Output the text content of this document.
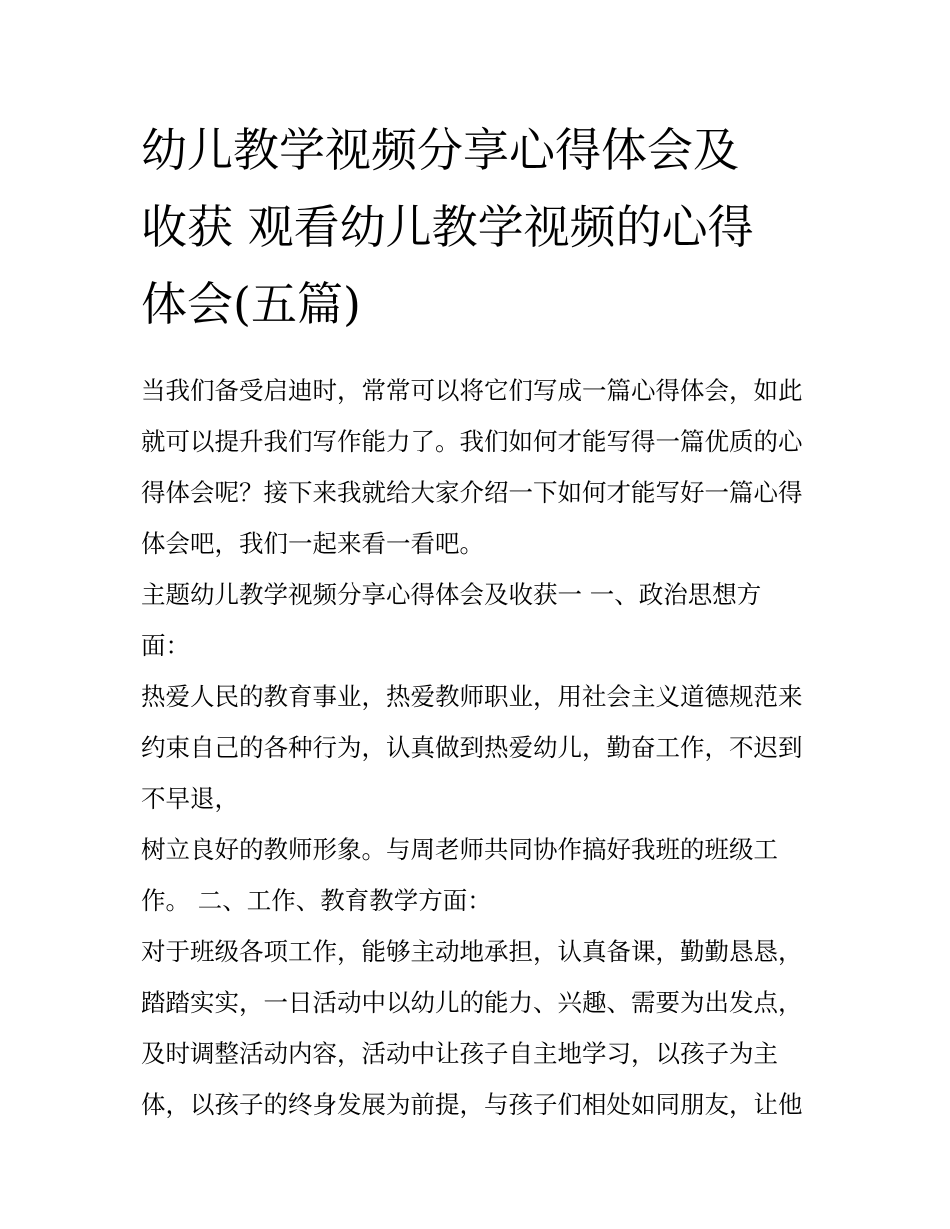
幼儿教学视频分享心得体会及
收获 观看幼儿教学视频的心得
体会(五篇)

当我们备受启迪时，常常可以将它们写成一篇心得体会，如此
就可以提升我们写作能力了。我们如何才能写得一篇优质的心
得体会呢？接下来我就给大家介绍一下如何才能写好一篇心得
体会吧，我们一起来看一看吧。

主题幼儿教学视频分享心得体会及收获一 一、政治思想方
面：

热爱人民的教育事业，热爱教师职业，用社会主义道德规范来
约束自己的各种行为，认真做到热爱幼儿，勤奋工作，不迟到
不早退，

树立良好的教师形象。与周老师共同协作搞好我班的班级工
作。 二、工作、教育教学方面：

对于班级各项工作，能够主动地承担，认真备课，勤勤恳恳，
踏踏实实，一日活动中以幼儿的能力、兴趣、需要为出发点，
及时调整活动内容，活动中让孩子自主地学习，以孩子为主
体，以孩子的终身发展为前提，与孩子们相处如同朋友，让他
